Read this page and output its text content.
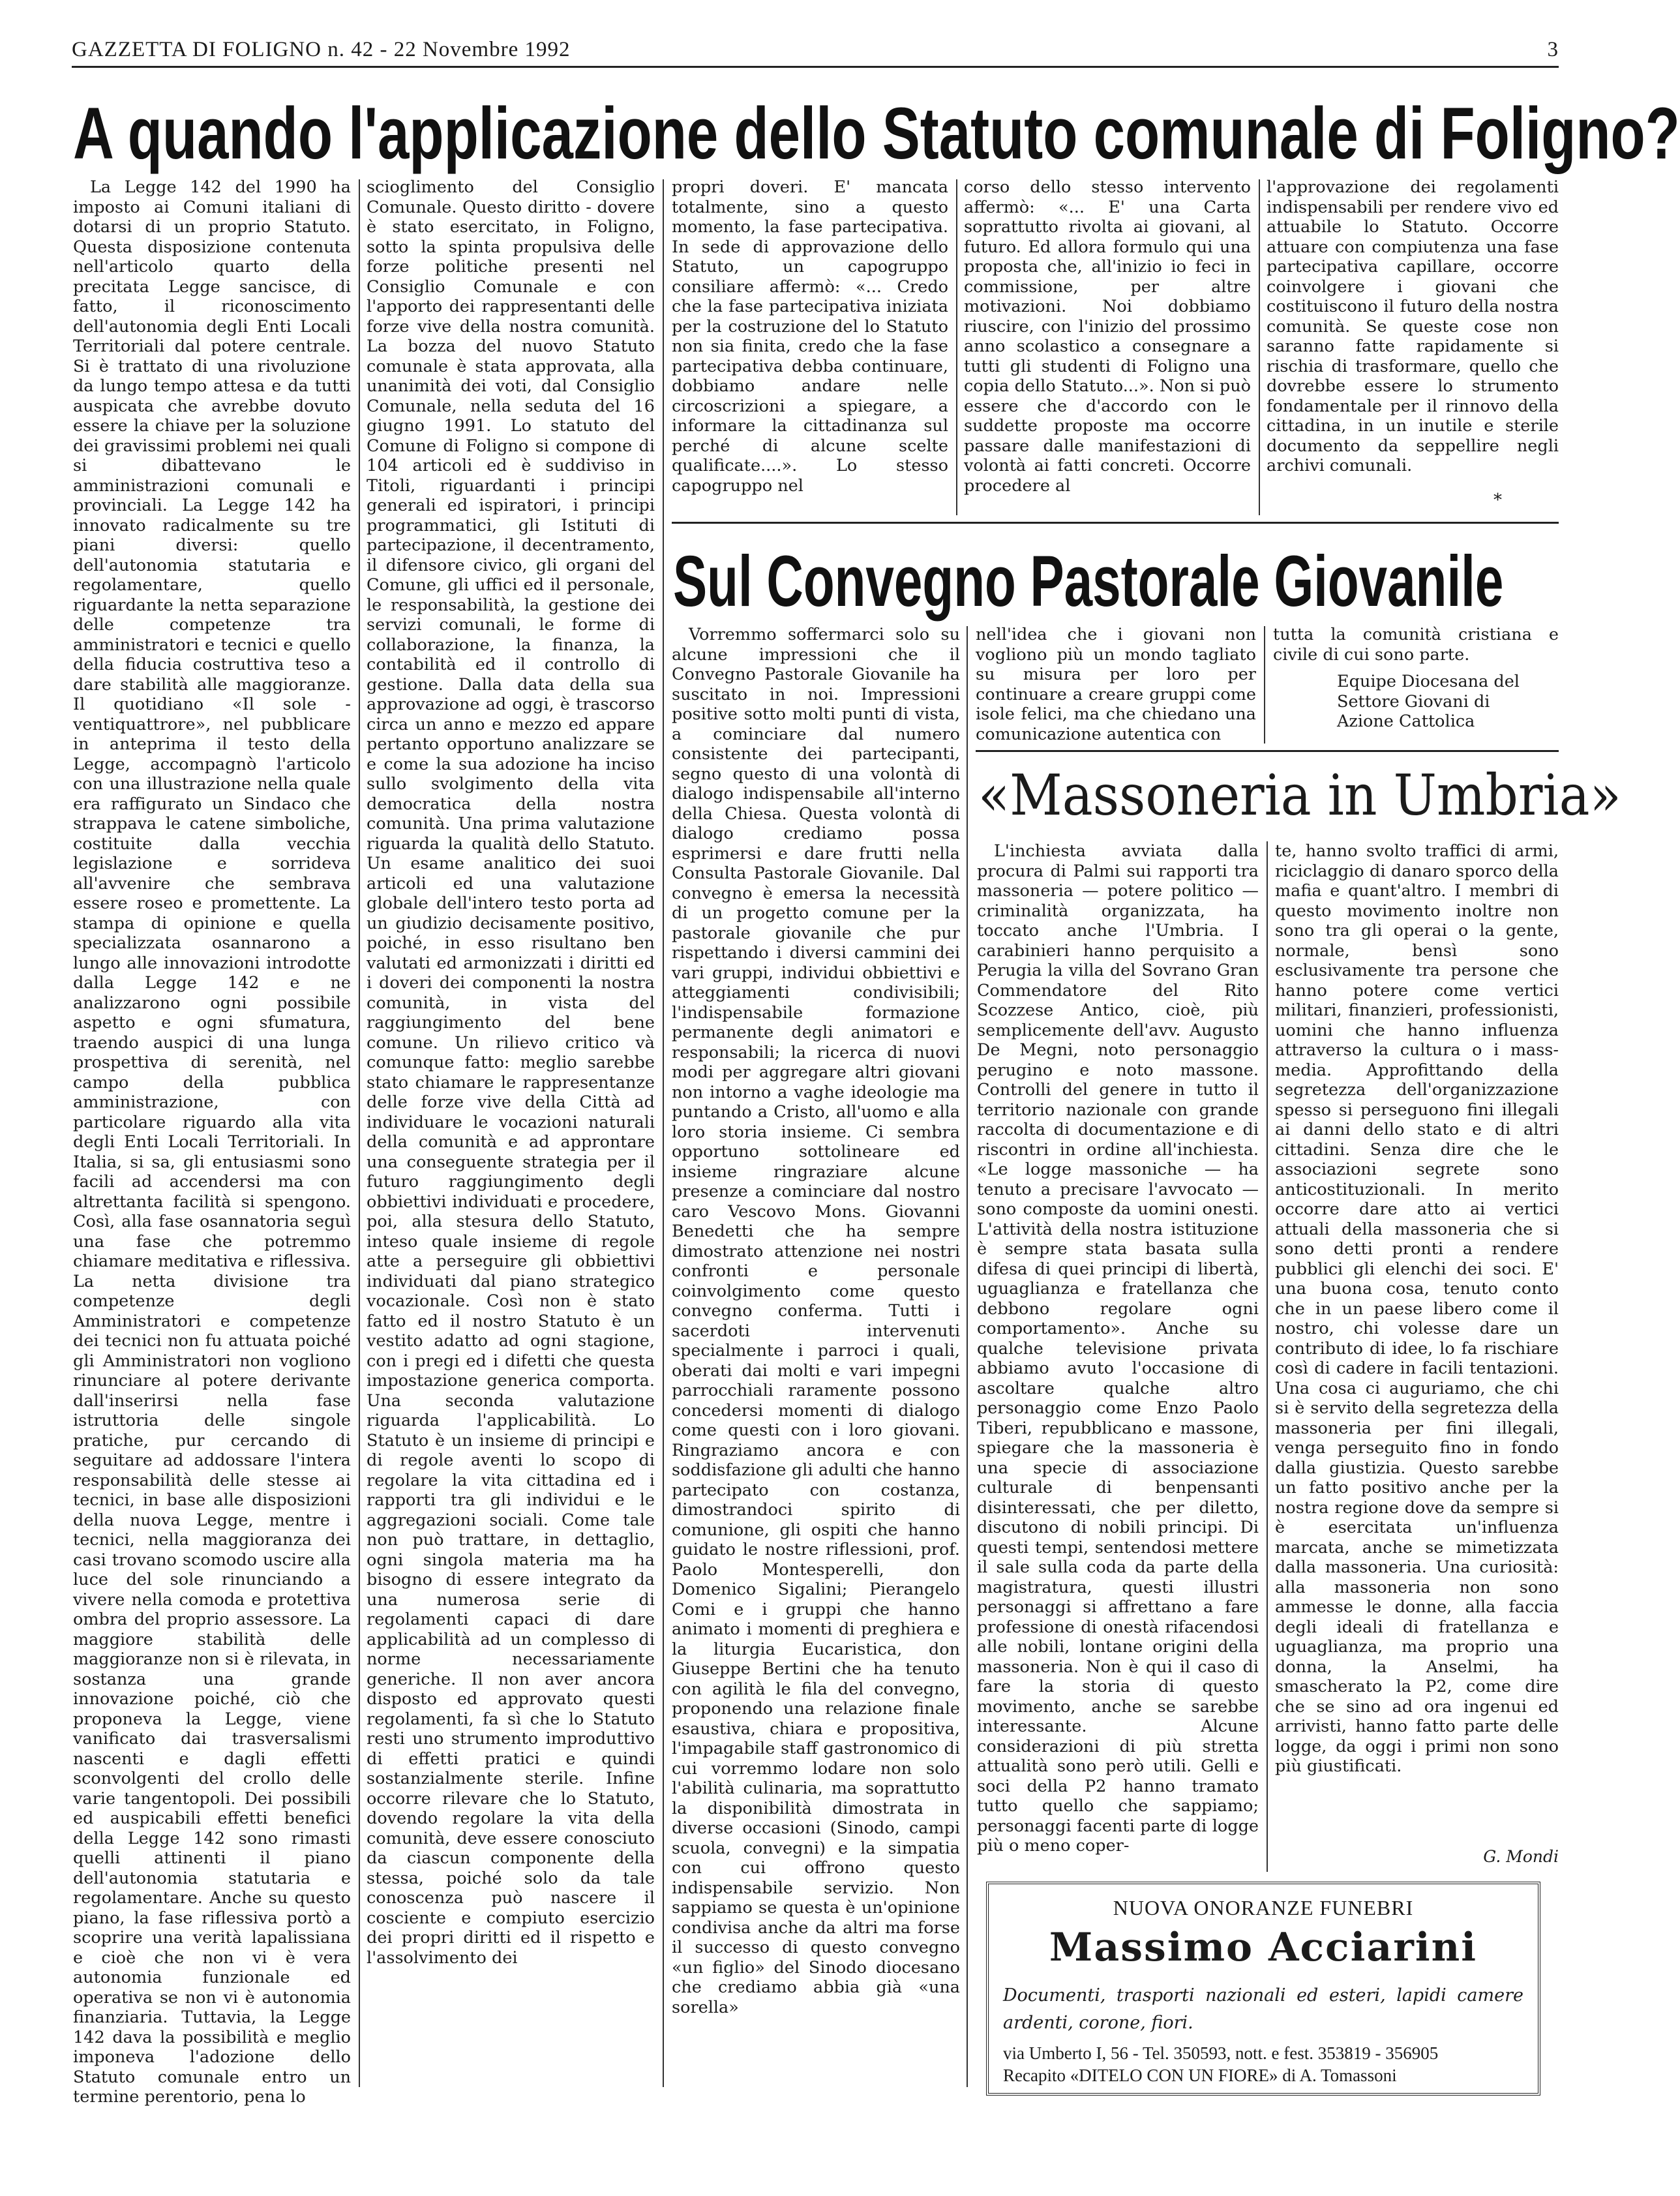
GAZZETTA DI FOLIGNO n. 42 - 22 Novembre 1992	3
A quando l'applicazione dello Statuto comunale di Foligno?

La Legge 142 del 1990 ha imposto ai Comuni italiani di dotarsi di un proprio Statuto. Questa disposizione contenuta nell'articolo quarto della precitata Legge sancisce, di fatto, il riconoscimento dell'autonomia degli Enti Locali Territoriali dal potere centrale. Si è trattato di una rivoluzione da lungo tempo attesa e da tutti auspicata che avrebbe dovuto essere la chiave per la soluzione dei gravissimi problemi nei quali si dibattevano le amministrazioni comunali e provinciali. La Legge 142 ha innovato radicalmente su tre piani diversi: quello dell'autonomia statutaria e regolamentare, quello riguardante la netta separazione delle competenze tra amministratori e tecnici e quello della fiducia costruttiva teso a dare stabilità alle maggioranze. Il quotidiano «Il sole - ventiquattrore», nel pubblicare in anteprima il testo della Legge, accompagnò l'articolo con una illustrazione nella quale era raffigurato un Sindaco che strappava le catene simboliche, costituite dalla vecchia legislazione e sorrideva all'avvenire che sembrava essere roseo e promettente. La stampa di opinione e quella specializzata osannarono a lungo alle innovazioni introdotte dalla Legge 142 e ne analizzarono ogni possibile aspetto e ogni sfumatura, traendo auspici di una lunga prospettiva di serenità, nel campo della pubblica amministrazione, con particolare riguardo alla vita degli Enti Locali Territoriali. In Italia, si sa, gli entusiasmi sono facili ad accendersi ma con altrettanta facilità si spengono. Così, alla fase osannatoria seguì una fase che potremmo chiamare meditativa e riflessiva. La netta divisione tra competenze degli Amministratori e competenze dei tecnici non fu attuata poiché gli Amministratori non vogliono rinunciare al potere derivante dall'inserirsi nella fase istruttoria delle singole pratiche, pur cercando di seguitare ad addossare l'intera responsabilità delle stesse ai tecnici, in base alle disposizioni della nuova Legge, mentre i tecnici, nella maggioranza dei casi trovano scomodo uscire alla luce del sole rinunciando a vivere nella comoda e protettiva ombra del proprio assessore. La maggiore stabilità delle maggioranze non si è rilevata, in sostanza una grande innovazione poiché, ciò che proponeva la Legge, viene vanificato dai trasversalismi nascenti e dagli effetti sconvolgenti del crollo delle varie tangentopoli. Dei possibili ed auspicabili effetti benefici della Legge 142 sono rimasti quelli attinenti il piano dell'autonomia statutaria e regolamentare. Anche su questo piano, la fase riflessiva portò a scoprire una verità lapalissiana e cioè che non vi è vera autonomia funzionale ed operativa se non vi è autonomia finanziaria. Tuttavia, la Legge 142 dava la possibilità e meglio imponeva l'adozione dello Statuto comunale entro un termine perentorio, pena lo

scioglimento del Consiglio Comunale. Questo diritto - dovere è stato esercitato, in Foligno, sotto la spinta propulsiva delle forze politiche presenti nel Consiglio Comunale e con l'apporto dei rappresentanti delle forze vive della nostra comunità. La bozza del nuovo Statuto comunale è stata approvata, alla unanimità dei voti, dal Consiglio Comunale, nella seduta del 16 giugno 1991. Lo statuto del Comune di Foligno si compone di 104 articoli ed è suddiviso in Titoli, riguardanti i principi generali ed ispiratori, i principi programmatici, gli Istituti di partecipazione, il decentramento, il difensore civico, gli organi del Comune, gli uffici ed il personale, le responsabilità, la gestione dei servizi comunali, le forme di collaborazione, la finanza, la contabilità ed il controllo di gestione. Dalla data della sua approvazione ad oggi, è trascorso circa un anno e mezzo ed appare pertanto opportuno analizzare se e come la sua adozione ha inciso sullo svolgimento della vita democratica della nostra comunità. Una prima valutazione riguarda la qualità dello Statuto. Un esame analitico dei suoi articoli ed una valutazione globale dell'intero testo porta ad un giudizio decisamente positivo, poiché, in esso risultano ben valutati ed armonizzati i diritti ed i doveri dei componenti la nostra comunità, in vista del raggiungimento del bene comune. Un rilievo critico và comunque fatto: meglio sarebbe stato chiamare le rappresentanze delle forze vive della Città ad individuare le vocazioni naturali della comunità e ad approntare una conseguente strategia per il futuro raggiungimento degli obbiettivi individuati e procedere, poi, alla stesura dello Statuto, inteso quale insieme di regole atte a perseguire gli obbiettivi individuati dal piano strategico vocazionale. Così non è stato fatto ed il nostro Statuto è un vestito adatto ad ogni stagione, con i pregi ed i difetti che questa impostazione generica comporta. Una seconda valutazione riguarda l'applicabilità. Lo Statuto è un insieme di principi e di regole aventi lo scopo di regolare la vita cittadina ed i rapporti tra gli individui e le aggregazioni sociali. Come tale non può trattare, in dettaglio, ogni singola materia ma ha bisogno di essere integrato da una numerosa serie di regolamenti capaci di dare applicabilità ad un complesso di norme necessariamente generiche. Il non aver ancora disposto ed approvato questi regolamenti, fa sì che lo Statuto resti uno strumento improduttivo di effetti pratici e quindi sostanzialmente sterile. Infine occorre rilevare che lo Statuto, dovendo regolare la vita della comunità, deve essere conosciuto da ciascun componente della stessa, poiché solo da tale conoscenza può nascere il cosciente e compiuto esercizio dei propri diritti ed il rispetto e l'assolvimento dei

propri doveri. E' mancata totalmente, sino a questo momento, la fase partecipativa. In sede di approvazione dello Statuto, un capogruppo consiliare affermò: «... Credo che la fase partecipativa iniziata per la costruzione del lo Statuto non sia finita, credo che la fase partecipativa debba continuare, dobbiamo andare nelle circoscrizioni a spiegare, a informare la cittadinanza sul perché di alcune scelte qualificate....». Lo stesso capogruppo nel

corso dello stesso intervento affermò: «... E' una Carta soprattutto rivolta ai giovani, al futuro. Ed allora formulo qui una proposta che, all'inizio io feci in commissione, per altre motivazioni. Noi dobbiamo riuscire, con l'inizio del prossimo anno scolastico a consegnare a tutti gli studenti di Foligno una copia dello Statuto...». Non si può essere che d'accordo con le suddette proposte ma occorre passare dalle manifestazioni di volontà ai fatti concreti. Occorre procedere al

l'approvazione dei regolamenti indispensabili per rendere vivo ed attuabile lo Statuto. Occorre attuare con compiutenza una fase partecipativa capillare, occorre coinvolgere i giovani che costituiscono il futuro della nostra comunità. Se queste cose non saranno fatte rapidamente si rischia di trasformare, quello che dovrebbe essere lo strumento fondamentale per il rinnovo della cittadina, in un inutile e sterile documento da seppellire negli archivi comunali.

*
Sul Convegno Pastorale Giovanile

Vorremmo soffermarci solo su alcune impressioni che il Convegno Pastorale Giovanile ha suscitato in noi. Impressioni positive sotto molti punti di vista, a cominciare dal numero consistente dei partecipanti, segno questo di una volontà di dialogo indispensabile all'interno della Chiesa. Questa volontà di dialogo crediamo possa esprimersi e dare frutti nella Consulta Pastorale Giovanile. Dal convegno è emersa la necessità di un progetto comune per la pastorale giovanile che pur rispettando i diversi cammini dei vari gruppi, individui obbiettivi e atteggiamenti condivisibili; l'indispensabile formazione permanente degli animatori e responsabili; la ricerca di nuovi modi per aggregare altri giovani non intorno a vaghe ideologie ma puntando a Cristo, all'uomo e alla loro storia insieme. Ci sembra opportuno sottolineare ed insieme ringraziare alcune presenze a cominciare dal nostro caro Vescovo Mons. Giovanni Benedetti che ha sempre dimostrato attenzione nei nostri confronti e personale coinvolgimento come questo convegno conferma. Tutti i sacerdoti intervenuti specialmente i parroci i quali, oberati dai molti e vari impegni parrocchiali raramente possono concedersi momenti di dialogo come questi con i loro giovani. Ringraziamo ancora e con soddisfazione gli adulti che hanno partecipato con costanza, dimostrandoci spirito di comunione, gli ospiti che hanno guidato le nostre riflessioni, prof. Paolo Montesperelli, don Domenico Sigalini; Pierangelo Comi e i gruppi che hanno animato i momenti di preghiera e la liturgia Eucaristica, don Giuseppe Bertini che ha tenuto con agilità le fila del convegno, proponendo una relazione finale esaustiva, chiara e propositiva, l'impagabile staff gastronomico di cui vorremmo lodare non solo l'abilità culinaria, ma soprattutto la disponibilità dimostrata in diverse occasioni (Sinodo, campi scuola, convegni) e la simpatia con cui offrono questo indispensabile servizio. Non sappiamo se questa è un'opinione condivisa anche da altri ma forse il successo di questo convegno «un figlio» del Sinodo diocesano che crediamo abbia già «una sorella»

nell'idea che i giovani non vogliono più un mondo tagliato su misura per loro per continuare a creare gruppi come isole felici, ma che chiedano una comunicazione autentica con

tutta la comunità cristiana e civile di cui sono parte.

Equipe Diocesana del Settore Giovani di Azione Cattolica
«Massoneria in Umbria»

L'inchiesta avviata dalla procura di Palmi sui rapporti tra massoneria — potere politico — criminalità organizzata, ha toccato anche l'Umbria. I carabinieri hanno perquisito a Perugia la villa del Sovrano Gran Commendatore del Rito Scozzese Antico, cioè, più semplicemente dell'avv. Augusto De Megni, noto personaggio perugino e noto massone. Controlli del genere in tutto il territorio nazionale con grande raccolta di documentazione e di riscontri in ordine all'inchiesta. «Le logge massoniche — ha tenuto a precisare l'avvocato — sono composte da uomini onesti. L'attività della nostra istituzione è sempre stata basata sulla difesa di quei principi di libertà, uguaglianza e fratellanza che debbono regolare ogni comportamento». Anche su qualche televisione privata abbiamo avuto l'occasione di ascoltare qualche altro personaggio come Enzo Paolo Tiberi, repubblicano e massone, spiegare che la massoneria è una specie di associazione culturale di benpensanti disinteressati, che per diletto, discutono di nobili principi. Di questi tempi, sentendosi mettere il sale sulla coda da parte della magistratura, questi illustri personaggi si affrettano a fare professione di onestà rifacendosi alle nobili, lontane origini della massoneria. Non è qui il caso di fare la storia di questo movimento, anche se sarebbe interessante. Alcune considerazioni di più stretta attualità sono però utili. Gelli e soci della P2 hanno tramato tutto quello che sappiamo; personaggi facenti parte di logge più o meno coper-

te, hanno svolto traffici di armi, riciclaggio di danaro sporco della mafia e quant'altro. I membri di questo movimento inoltre non sono tra gli operai o la gente, normale, bensì sono esclusivamente tra persone che hanno potere come vertici militari, finanzieri, professionisti, uomini che hanno influenza attraverso la cultura o i mass-media. Approfittando della segretezza dell'organizzazione spesso si perseguono fini illegali ai danni dello stato e di altri cittadini. Senza dire che le associazioni segrete sono anticostituzionali. In merito occorre dare atto ai vertici attuali della massoneria che si sono detti pronti a rendere pubblici gli elenchi dei soci. E' una buona cosa, tenuto conto che in un paese libero come il nostro, chi volesse dare un contributo di idee, lo fa rischiare così di cadere in facili tentazioni. Una cosa ci auguriamo, che chi si è servito della segretezza della massoneria per fini illegali, venga perseguito fino in fondo dalla giustizia. Questo sarebbe un fatto positivo anche per la nostra regione dove da sempre si è esercitata un'influenza marcata, anche se mimetizzata dalla massoneria. Una curiosità: alla massoneria non sono ammesse le donne, alla faccia degli ideali di fratellanza e uguaglianza, ma proprio una donna, la Anselmi, ha smascherato la P2, come dire che se sino ad ora ingenui ed arrivisti, hanno fatto parte delle logge, da oggi i primi non sono più giustificati.

G. Mondi
NUOVA ONORANZE FUNEBRI
Massimo Acciarini
Documenti, trasporti nazionali ed esteri, lapidi camere ardenti, corone, fiori.
via Umberto I, 56 - Tel. 350593, nott. e fest. 353819 - 356905
Recapito «DITELO CON UN FIORE» di A. Tomassoni
